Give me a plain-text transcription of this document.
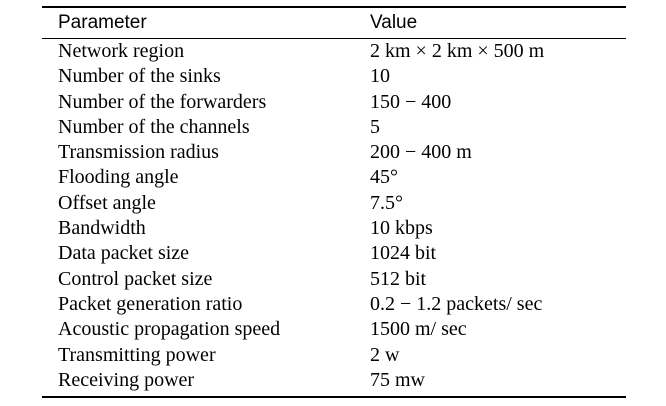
Parameter	Value
Network region	2 km × 2 km × 500 m
Number of the sinks	10
Number of the forwarders	150 − 400
Number of the channels	5
Transmission radius	200 − 400 m
Flooding angle	45°
Offset angle	7.5°
Bandwidth	10 kbps
Data packet size	1024 bit
Control packet size	512 bit
Packet generation ratio	0.2 − 1.2 packets/ sec
Acoustic propagation speed	1500 m/ sec
Transmitting power	2 w
Receiving power	75 mw
